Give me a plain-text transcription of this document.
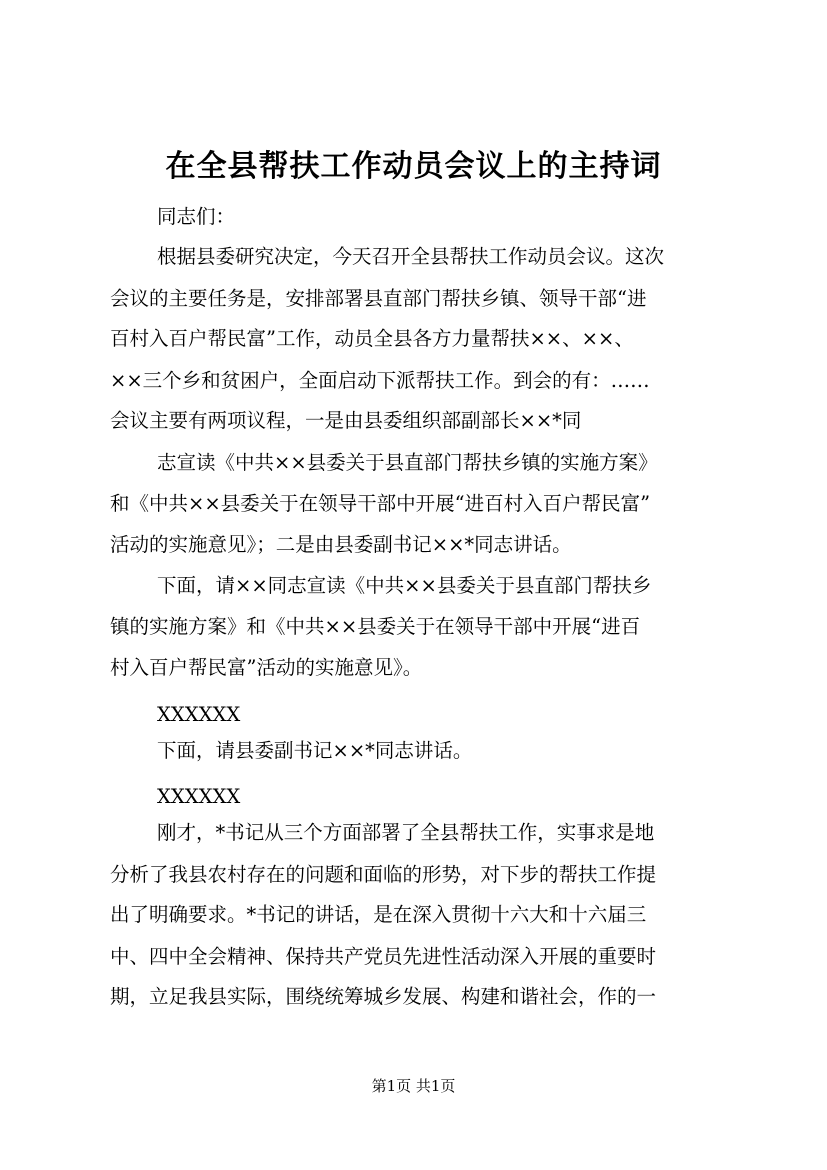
在全县帮扶工作动员会议上的主持词
同志们：
根据县委研究决定，今天召开全县帮扶工作动员会议。这次
会议的主要任务是，安排部署县直部门帮扶乡镇、领导干部“进
百村入百户帮民富”工作，动员全县各方力量帮扶××、××、
××三个乡和贫困户，全面启动下派帮扶工作。到会的有：……
会议主要有两项议程，一是由县委组织部副部长××*同
志宣读《中共××县委关于县直部门帮扶乡镇的实施方案》
和《中共××县委关于在领导干部中开展“进百村入百户帮民富”
活动的实施意见》；二是由县委副书记××*同志讲话。
下面，请××同志宣读《中共××县委关于县直部门帮扶乡
镇的实施方案》和《中共××县委关于在领导干部中开展“进百
村入百户帮民富”活动的实施意见》。
XXXXXX
下面，请县委副书记××*同志讲话。
XXXXXX
刚才，*书记从三个方面部署了全县帮扶工作，实事求是地
分析了我县农村存在的问题和面临的形势，对下步的帮扶工作提
出了明确要求。*书记的讲话，是在深入贯彻十六大和十六届三
中、四中全会精神、保持共产党员先进性活动深入开展的重要时
期，立足我县实际，围绕统筹城乡发展、构建和谐社会，作的一
第1页 共1页
